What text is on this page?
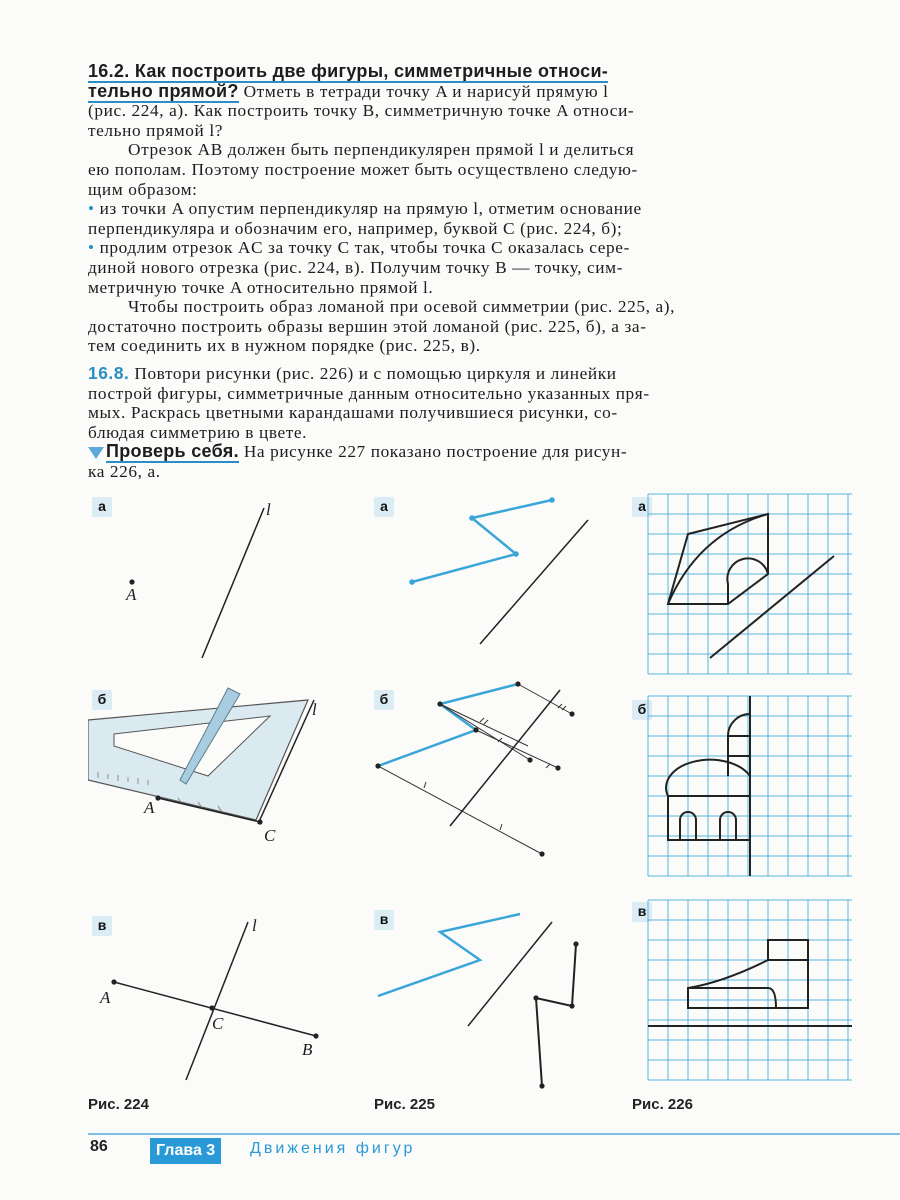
16.2. Как построить две фигуры, симметричные относи-

тельно прямой? Отметь в тетради точку A и нарисуй прямую l

(рис. 224, а). Как построить точку B, симметричную точке A относи-

тельно прямой l?

Отрезок AB должен быть перпендикулярен прямой l и делиться

ею пополам. Поэтому построение может быть осуществлено следую-

щим образом:

• из точки A опустим перпендикуляр на прямую l, отметим основание

перпендикуляра и обозначим его, например, буквой C (рис. 224, б);

• продлим отрезок AC за точку C так, чтобы точка C оказалась сере-

диной нового отрезка (рис. 224, в). Получим точку B — точку, сим-

метричную точке A относительно прямой l.

Чтобы построить образ ломаной при осевой симметрии (рис. 225, а),

достаточно построить образы вершин этой ломаной (рис. 225, б), а за-

тем соединить их в нужном порядке (рис. 225, в).

16.8. Повтори рисунки (рис. 226) и с помощью циркуля и линейки

построй фигуры, симметричные данным относительно указанных пря-

мых. Раскрась цветными карандашами получившиеся рисунки, со-

блюдая симметрию в цвете.

Проверь себя. На рисунке 227 показано построение для рисун-

ка 226, а.

а	l
A
б
l
A
C
в	l
A
C
B
Рис. 224
а
б
в
Рис. 225
а
б
в
Рис. 226
86	Глава 3	Движения фигур
